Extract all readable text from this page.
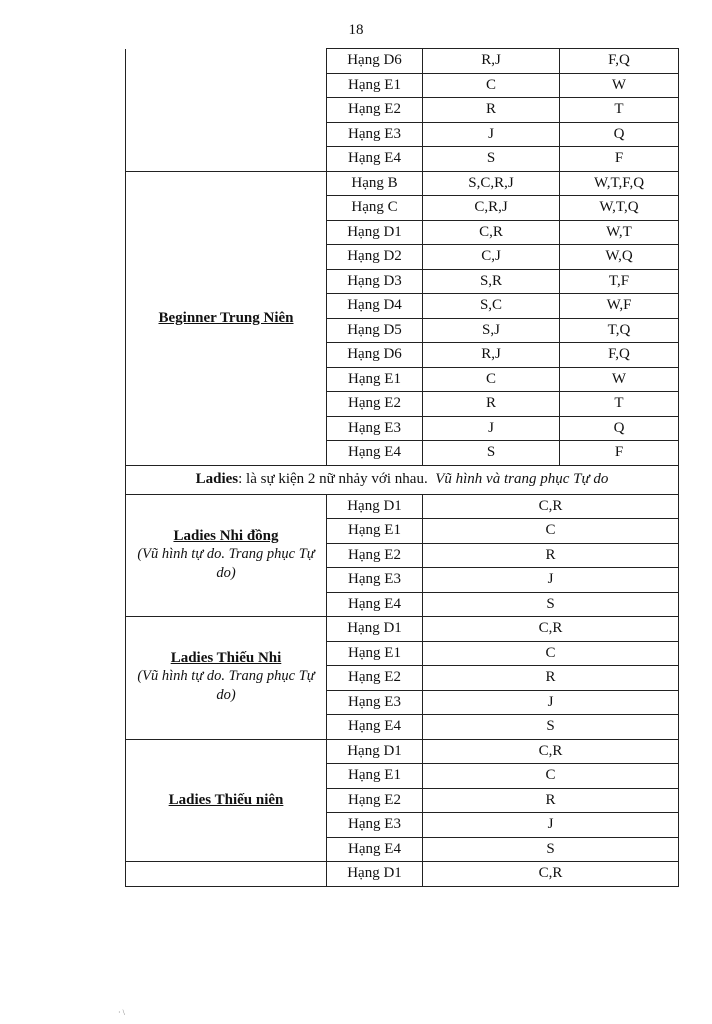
18
	Hạng D6	R,J	F,Q
	Hạng E1	C	W
	Hạng E2	R	T
	Hạng E3	J	Q
	Hạng E4	S	F

Beginner Trung Niên	Hạng B	S,C,R,J	W,T,F,Q
	Hạng C	C,R,J	W,T,Q
	Hạng D1	C,R	W,T
	Hạng D2	C,J	W,Q
	Hạng D3	S,R	T,F
	Hạng D4	S,C	W,F
	Hạng D5	S,J	T,Q
	Hạng D6	R,J	F,Q
	Hạng E1	C	W
	Hạng E2	R	T
	Hạng E3	J	Q
	Hạng E4	S	F
Ladies: là sự kiện 2 nữ nhảy với nhau.  Vũ hình và trang phục Tự do			

Ladies Nhi đồng
(Vũ hình tự do. Trang phục Tự do)	Hạng D1	C,R	
	Hạng E1	C	
	Hạng E2	R	
	Hạng E3	J	
	Hạng E4	S	

Ladies Thiếu Nhi
(Vũ hình tự do. Trang phục Tự do)	Hạng D1	C,R	
	Hạng E1	C	
	Hạng E2	R	
	Hạng E3	J	
	Hạng E4	S	

Ladies Thiếu niên	Hạng D1	C,R	
	Hạng E1	C	
	Hạng E2	R	
	Hạng E3	J	
	Hạng E4	S	
	Hạng D1	C,R	
· \
